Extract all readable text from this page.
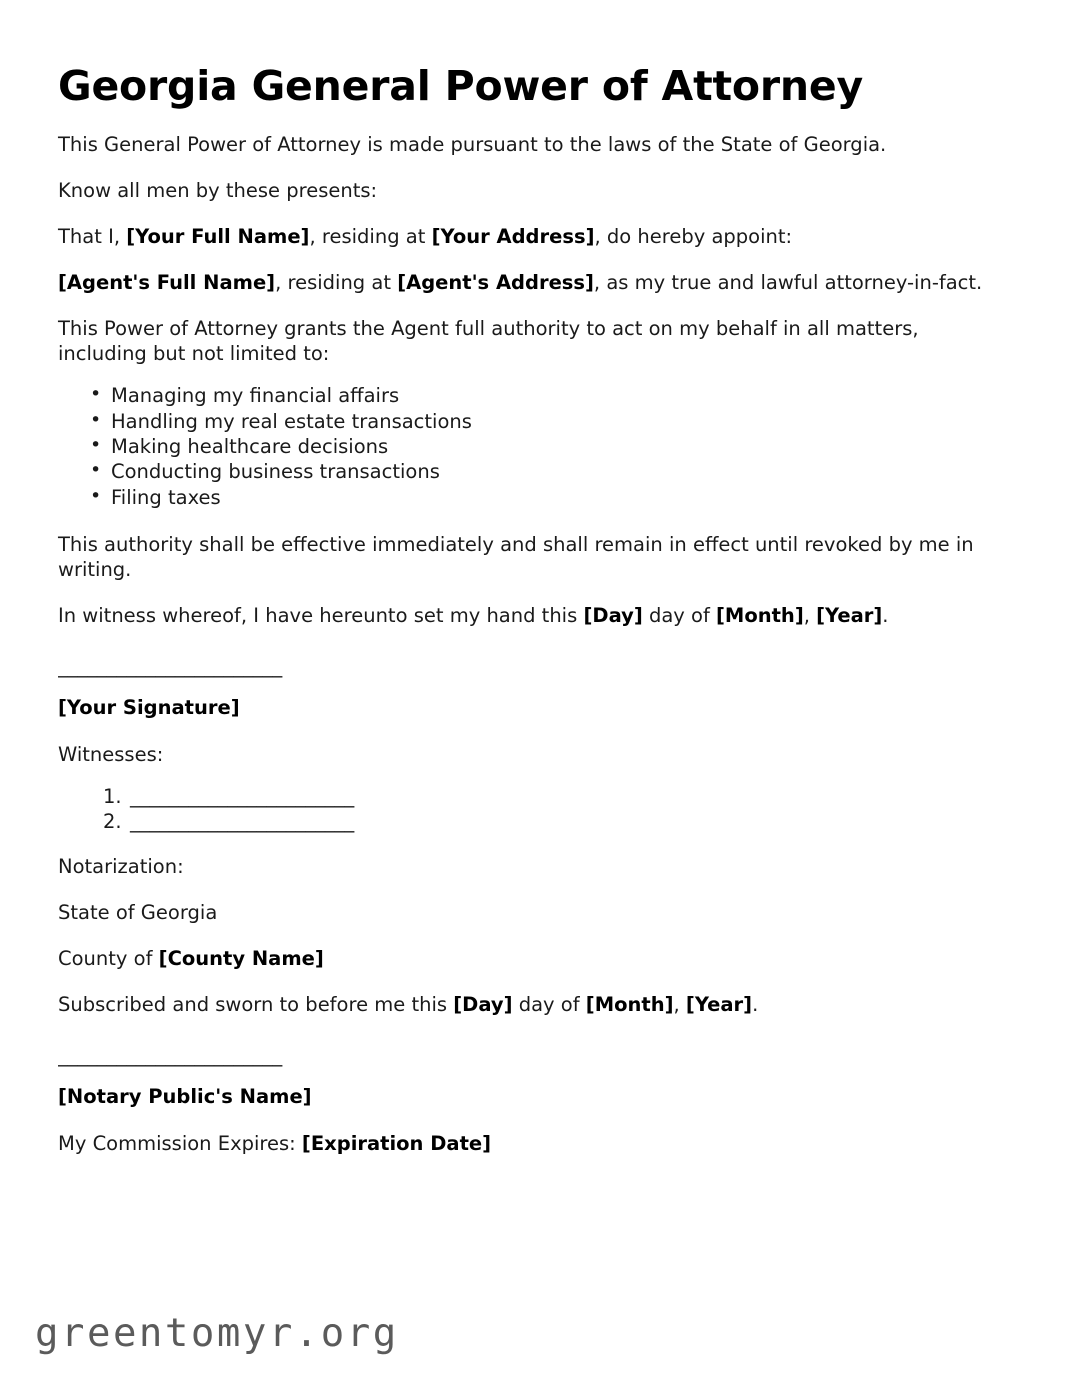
Georgia General Power of Attorney

This General Power of Attorney is made pursuant to the laws of the State of Georgia.

Know all men by these presents:

That I, [Your Full Name], residing at [Your Address], do hereby appoint:

[Agent's Full Name], residing at [Agent's Address], as my true and lawful attorney-in-fact.

This Power of Attorney grants the Agent full authority to act on my behalf in all matters, including but not limited to:

• Managing my financial affairs
• Handling my real estate transactions
• Making healthcare decisions
• Conducting business transactions
• Filing taxes

This authority shall be effective immediately and shall remain in effect until revoked by me in writing.

In witness whereof, I have hereunto set my hand this [Day] day of [Month], [Year].

_______________________
[Your Signature]

Witnesses:

1. _______________________
2. _______________________

Notarization:

State of Georgia

County of [County Name]

Subscribed and sworn to before me this [Day] day of [Month], [Year].

_______________________
[Notary Public's Name]

My Commission Expires: [Expiration Date]

greentomyr.org
